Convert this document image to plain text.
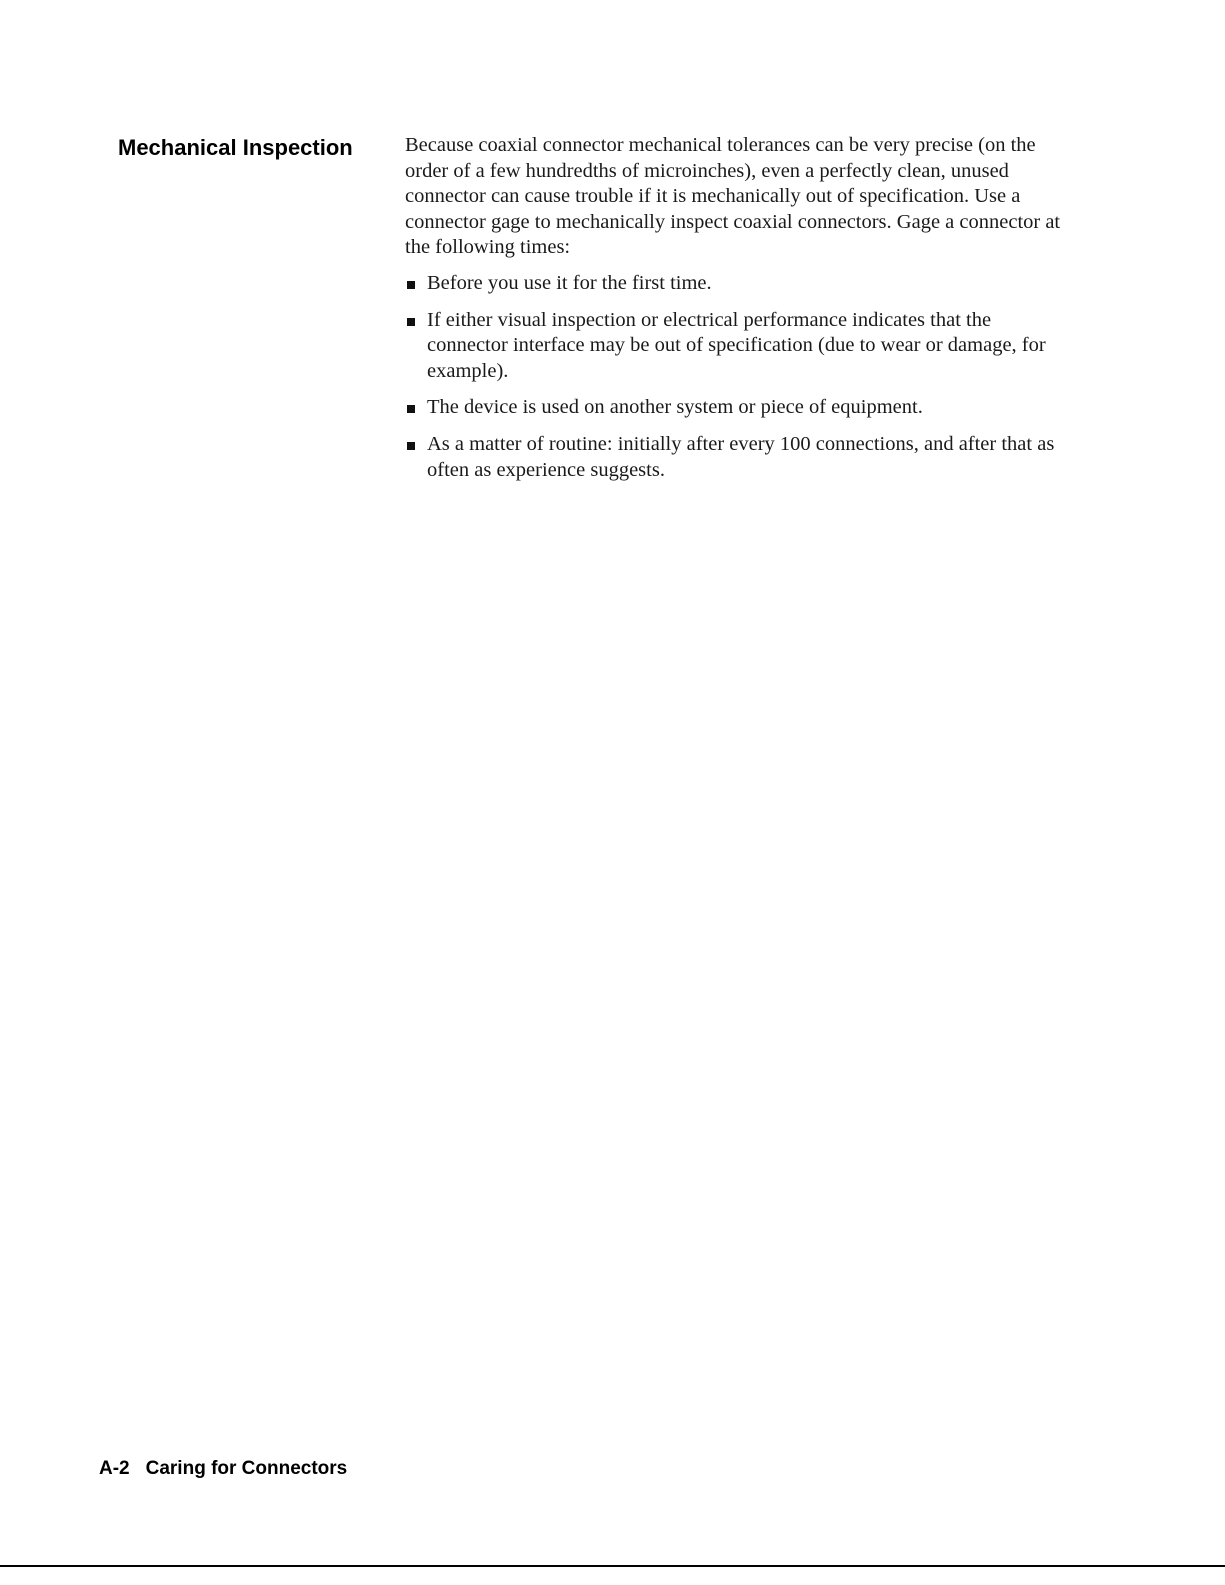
Mechanical Inspection	Because coaxial connector mechanical tolerances can be very precise (on the order of a few hundredths of microinches), even a perfectly clean, unused connector can cause trouble if it is mechanically out of specification. Use a connector gage to mechanically inspect coaxial connectors. Gage a connector at the following times:

Before you use it for the first time.
If either visual inspection or electrical performance indicates that the connector interface may be out of specification (due to wear or damage, for example).
The device is used on another system or piece of equipment.
As a matter of routine: initially after every 100 connections, and after that as often as experience suggests.
A-2 Caring for Connectors
